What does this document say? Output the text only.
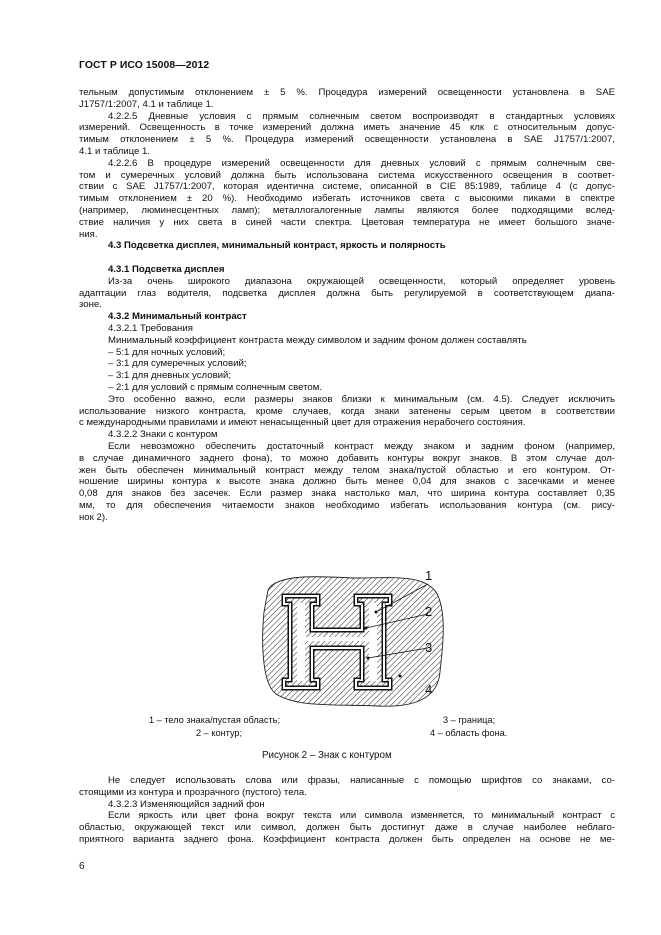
ГОСТ Р ИСО 15008—2012
тельным допустимым отклонением ± 5 %. Процедура измерений освещенности установлена в SAE
J1757/1:2007, 4.1 и таблице 1.
4.2.2.5 Дневные условия с прямым солнечным светом воспроизводят в стандартных условиях
измерений. Освещенность в точке измерений должна иметь значение 45 клк с относительным допус-
тимым отклонением ± 5 %. Процедура измерений освещенности установлена в SAE J1757/1:2007,
4.1 и таблице 1.
4.2.2.6 В процедуре измерений освещенности для дневных условий с прямым солнечным све-
том и сумеречных условий должна быть использована система искусственного освещения в соответ-
ствии с SAE J1757/1:2007, которая идентична системе, описанной в CIE 85:1989, таблице 4 (с допус-
тимым отклонением ± 20 %). Необходимо избегать источников света с высокими пиками в спектре
(например, люминесцентных ламп); металлогалогенные лампы являются более подходящими вслед-
ствие наличия у них света в синей части спектра. Цветовая температура не имеет большого значе-
ния.
4.3 Подсветка дисплея, минимальный контраст, яркость и полярность

4.3.1 Подсветка дисплея
Из-за очень широкого диапазона окружающей освещенности, который определяет уровень
адаптации глаз водителя, подсветка дисплея должна быть регулируемой в соответствующем диапа-
зоне.
4.3.2 Минимальный контраст
4.3.2.1 Требования
Минимальный коэффициент контраста между символом и задним фоном должен составлять
– 5:1 для ночных условий;
– 3:1 для сумеречных условий;
– 3:1 для дневных условий;
– 2:1 для условий с прямым солнечным светом.
Это особенно важно, если размеры знаков близки к минимальным (см. 4.5). Следует исключить
использование низкого контраста, кроме случаев, когда знаки затенены серым цветом в соответствии
с международными правилами и имеют ненасыщенный цвет для отражения нерабочего состояния.
4.3.2.2 Знаки с контуром
Если невозможно обеспечить достаточный контраст между знаком и задним фоном (например,
в случае динамичного заднего фона), то можно добавить контуры вокруг знаков. В этом случае дол-
жен быть обеспечен минимальный контраст между телом знака/пустой областью и его контуром. От-
ношение ширины контура к высоте знака должно быть менее 0,04 для знаков с засечками и менее
0,08 для знаков без засечек. Если размер знака настолько мал, что ширина контура составляет 0,35
мм, то для обеспечения читаемости знаков необходимо избегать использования контура (см. рису-
нок 2).
1
2
3
4
1 – тело знака/пустая область;
2 – контур;
3 – граница;
4 – область фона.
Рисунок 2 – Знак с контуром
Не следует использовать слова или фразы, написанные с помощью шрифтов со знаками, со-
стоящими из контура и прозрачного (пустого) тела.
4.3.2.3 Изменяющийся задний фон
Если яркость или цвет фона вокруг текста или символа изменяется, то минимальный контраст с
областью, окружающей текст или символ, должен быть достигнут даже в случае наиболее неблаго-
приятного варианта заднего фона. Коэффициент контраста должен быть определен на основе не ме-
6
